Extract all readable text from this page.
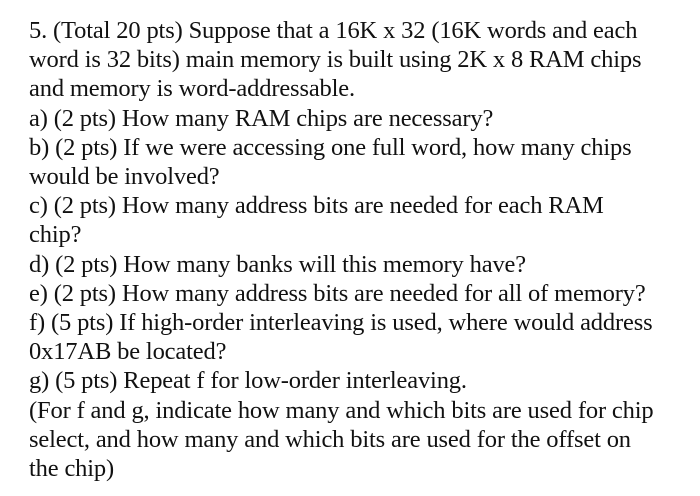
5. (Total 20 pts) Suppose that a 16K x 32 (16K words and each
word is 32 bits) main memory is built using 2K x 8 RAM chips
and memory is word-addressable.
a) (2 pts) How many RAM chips are necessary?
b) (2 pts) If we were accessing one full word, how many chips
would be involved?
c) (2 pts) How many address bits are needed for each RAM
chip?
d) (2 pts) How many banks will this memory have?
e) (2 pts) How many address bits are needed for all of memory?
f) (5 pts) If high-order interleaving is used, where would address
0x17AB be located?
g) (5 pts) Repeat f for low-order interleaving.
(For f and g, indicate how many and which bits are used for chip
select, and how many and which bits are used for the offset on
the chip)
